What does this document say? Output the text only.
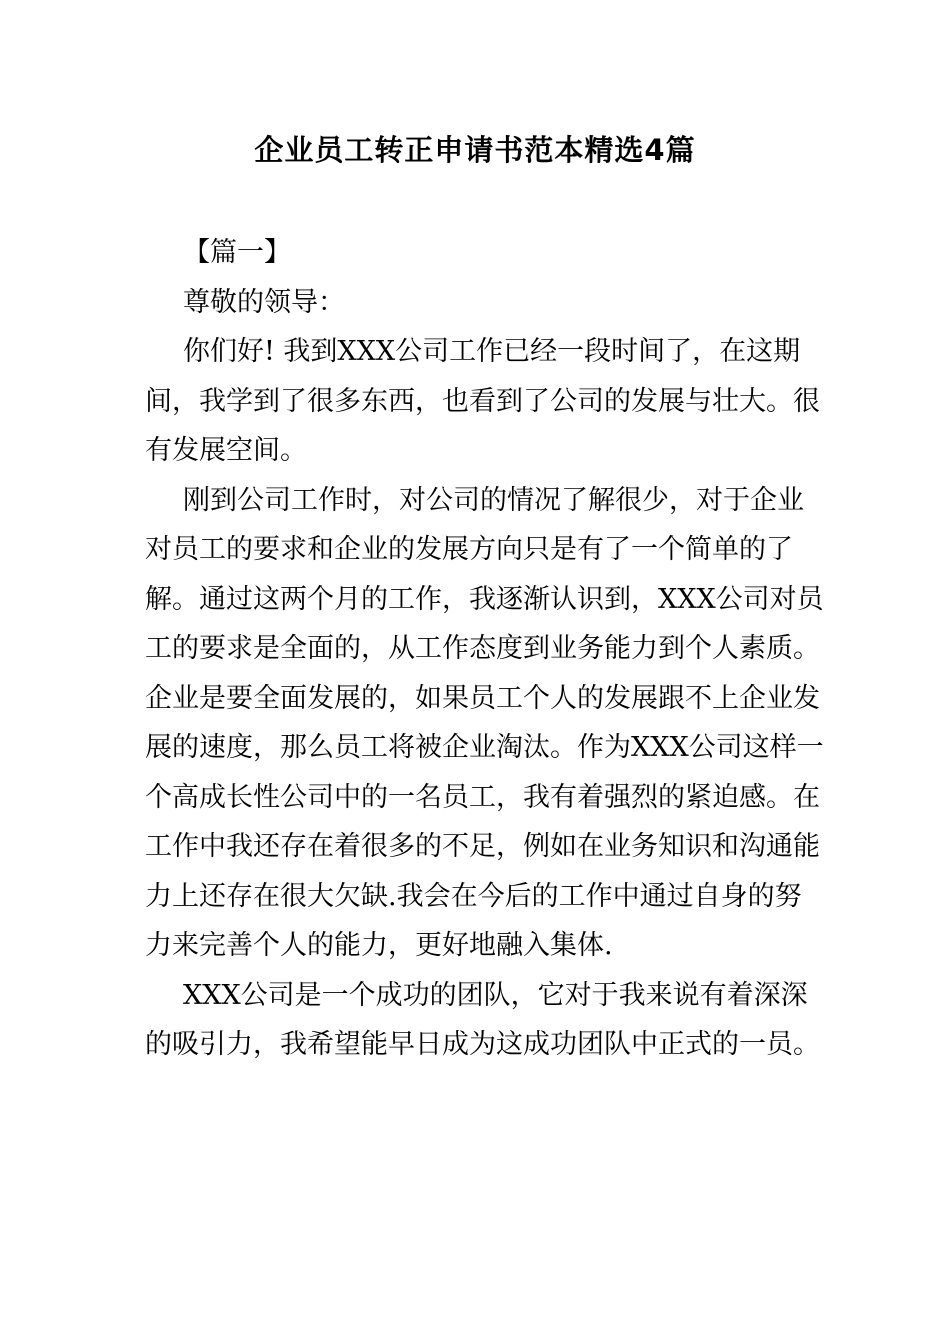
企业员工转正申请书范本精选4篇

【篇一】

尊敬的领导：

你们好! 我到XXX公司工作已经一段时间了，在这期间，我学到了很多东西，也看到了公司的发展与壮大。很有发展空间。

刚到公司工作时，对公司的情况了解很少，对于企业对员工的要求和企业的发展方向只是有了一个简单的了解。通过这两个月的工作，我逐渐认识到，XXX公司对员工的要求是全面的，从工作态度到业务能力到个人素质。企业是要全面发展的，如果员工个人的发展跟不上企业发展的速度，那么员工将被企业淘汰。作为XXX公司这样一个高成长性公司中的一名员工，我有着强烈的紧迫感。在工作中我还存在着很多的不足，例如在业务知识和沟通能力上还存在很大欠缺.我会在今后的工作中通过自身的努力来完善个人的能力，更好地融入集体.

XXX公司是一个成功的团队，它对于我来说有着深深的吸引力，我希望能早日成为这成功团队中正式的一员。
